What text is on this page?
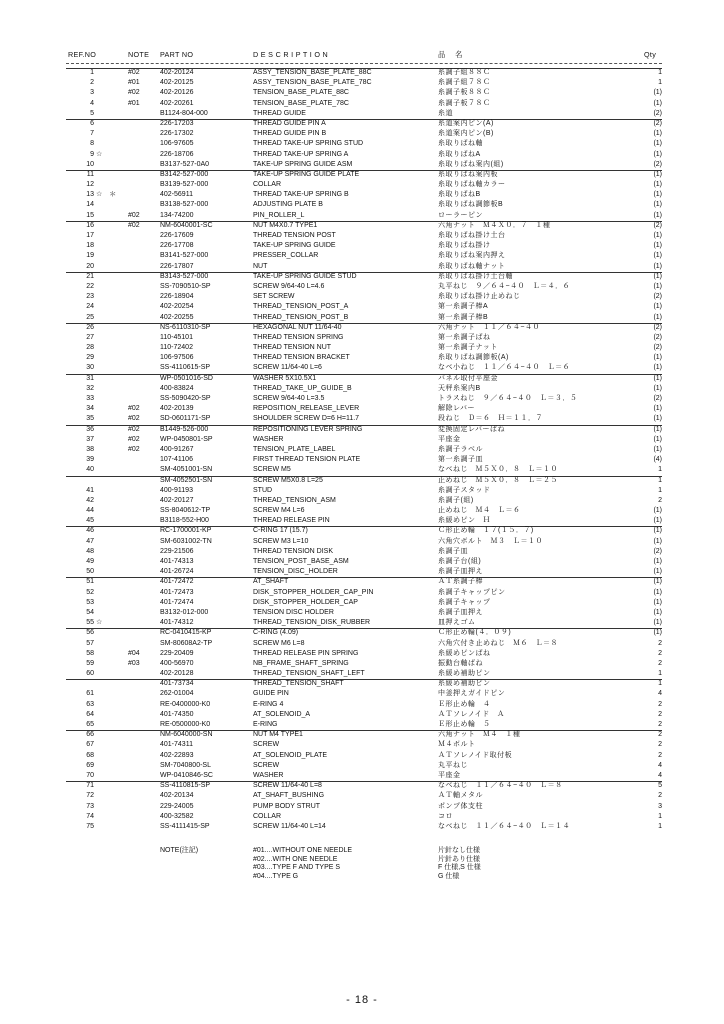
REF.NO	NOTE PART NO	D E S C R I P T I O N	品 名	Qty
1	#02	402-20124	ASSY_TENSION_BASE_PLATE_88C	糸調子組８８Ｃ	1
2	#01	402-20125	ASSY_TENSION_BASE_PLATE_78C	糸調子組７８Ｃ	1
3	#02	402-20126	TENSION_BASE_PLATE_88C	糸調子板８８Ｃ	(1)
4	#01	402-20261	TENSION_BASE_PLATE_78C	糸調子板７８Ｃ	(1)
5	B1124-804-000	THREAD GUIDE	糸道	(2)
6	226-17203	THREAD GUIDE PIN A	糸道案内ピン(A)	(2)
7	226-17302	THREAD GUIDE PIN B	糸道案内ピン(B)	(1)
8	106-97605	THREAD TAKE-UP SPRING STUD	糸取りばね軸	(1)
9 ☆	226-18706	THREAD TAKE-UP SPRING A	糸取りばねA	(1)
10	B3137-527-0A0	TAKE-UP SPRING GUIDE ASM	糸取りばね案内(組)	(2)
11	B3142-527-000	TAKE-UP SPRING GUIDE PLATE	糸取りばね案内板	(1)
12	B3139-527-000	COLLAR	糸取りばね軸カラー	(1)
13 ☆　＊	402-56911	THREAD TAKE-UP SPRING B	糸取りばねB	(1)
14	B3138-527-000	ADJUSTING PLATE B	糸取りばね調節板B	(1)
15	#02	134-74200	PIN_ROLLER_L	ローラーピン	(1)
16	#02	NM-6040001-SC	NUT M4X0.7 TYPE1	六角ナット　Ｍ４Ｘ０．７　１種	(2)
17	226-17609	THREAD TENSION POST	糸取りばね掛け土台	(1)
18	226-17708	TAKE-UP SPRING GUIDE	糸取りばね掛け	(1)
19	B3141-527-000	PRESSER_COLLAR	糸取りばね案内押え	(1)
20	226-17807	NUT	糸取りばね軸ナット	(1)
21	B3143-527-000	TAKE-UP SPRING GUIDE STUD	糸取りばね掛け土台軸	(1)
22	SS-7090510-SP	SCREW 9/64-40 L=4.6	丸平ねじ　９／６４−４０　Ｌ＝４．６	(1)
23	226-18904	SET SCREW	糸取りばね掛け止めねじ	(2)
24	402-20254	THREAD_TENSION_POST_A	第一糸調子棒A	(1)
25	402-20255	THREAD_TENSION_POST_B	第一糸調子棒B	(1)
26	NS-6110310-SP	HEXAGONAL NUT 11/64-40	六角ナット　１１／６４−４０	(2)
27	110-45101	THREAD TENSION SPRING	第一糸調子ばね	(2)
28	110-72402	THREAD TENSION NUT	第一糸調子ナット	(2)
29	106-97506	THREAD TENSION BRACKET	糸取りばね調節板(A)	(1)
30	SS-4110615-SP	SCREW 11/64-40 L=6	なべ小ねじ　１１／６４−４０　Ｌ＝６	(1)
31	WP-0501016-SD	WASHER 5X10.5X1	バネル取付平座金	(1)
32	400-83824	THREAD_TAKE_UP_GUIDE_B	天秤糸案内B	(1)
33	SS-5090420-SP	SCREW 9/64-40 L=3.5	トラスねじ　９／６４−４０　Ｌ＝３．５	(2)
34	#02	402-20139	REPOSITION_RELEASE_LEVER	解除レバー	(1)
35	#02	SD-0601171-SP	SHOULDER SCREW D=6 H=11.7	段ねじ　Ｄ＝６　Ｈ＝１１．７	(1)
36	#02	B1449-526-000	REPOSITIONING LEVER SPRING	変換固定レバーばね	(1)
37	#02	WP-0450801-SP	WASHER	平座金	(1)
38	#02	400-91267	TENSION_PLATE_LABEL	糸調子ラベル	(1)
39	107-41106	FIRST THREAD TENSION PLATE	第一糸調子皿	(4)
40	SM-4051001-SN	SCREW M5	なべねじ　Ｍ５Ｘ０．８　Ｌ＝１０	1
SM-4052501-SN	SCREW M5X0.8 L=25	止めねじ　Ｍ５Ｘ０．８　Ｌ＝２５	1
41	400-91193	STUD	糸調子スタッド	1
42	402-20127	THREAD_TENSION_ASM	糸調子(組)	2
44	SS-8040612-TP	SCREW M4 L=6	止めねじ　Ｍ４　Ｌ＝６	(1)
45	B3118-552-H00	THREAD RELEASE PIN	糸緩めピン　Ｈ	(1)
46	RC-1700001-KP	C-RING 17 (15.7)	Ｃ形止め輪　１７(１５．７)	(1)
47	SM-6031002-TN	SCREW M3 L=10	六角穴ボルト　Ｍ３　Ｌ＝１０	(1)
48	229-21506	THREAD TENSION DISK	糸調子皿	(2)
49	401-74313	TENSION_POST_BASE_ASM	糸調子台(組)	(1)
50	401-26724	TENSION_DISC_HOLDER	糸調子皿押え	(1)
51	401-72472	AT_SHAFT	ＡＴ糸調子棒	(1)
52	401-72473	DISK_STOPPER_HOLDER_CAP_PIN	糸調子キャップピン	(1)
53	401-72474	DISK_STOPPER_HOLDER_CAP	糸調子キャップ	(1)
54	B3132-012-000	TENSION DISC HOLDER	糸調子皿押え	(1)
55 ☆	401-74312	THREAD_TENSION_DISK_RUBBER	皿押えゴム	(1)
56	RC-0410415-KP	C-RING (4.09)	Ｃ形止め輪(４．０９)	(1)
57	SM-80608A2-TP	SCREW M6 L=8	六角穴付き止めねじ　Ｍ６　Ｌ＝８	2
58	#04	229-20409	THREAD RELEASE PIN SPRING	糸緩めピンばね	2
59	#03	400-56970	NB_FRAME_SHAFT_SPRING	振動台軸ばね	2
60	402-20128	THREAD_TENSION_SHAFT_LEFT	糸緩め補助ピン	1
401-73734	THREAD_TENSION_SHAFT	糸緩め補助ピン	1
61	262-01004	GUIDE PIN	中釜押えガイドピン	4
63	RE-0400000-K0	E-RING 4	Ｅ形止め輪　４	2
64	401-74350	AT_SOLENOID_A	ＡＴソレノイド　Ａ	2
65	RE-0500000-K0	E-RING	Ｅ形止め輪　５	2
66	NM-6040000-SN	NUT M4 TYPE1	六角ナット　Ｍ４　１種	2
67	401-74311	SCREW	Ｍ４ボルト	2
68	402-22893	AT_SOLENOID_PLATE	ＡＴソレノイド取付板	2
69	SM-7040800-SL	SCREW	丸平ねじ	4
70	WP-0410846-SC	WASHER	平座金	4
71	SS-4110815-SP	SCREW 11/64-40 L=8	なべねじ　１１／６４−４０　Ｌ＝８	5
72	402-20134	AT_SHAFT_BUSHING	ＡＴ軸メタル	2
73	229-24005	PUMP BODY STRUT	ポンプ体支柱	3
74	400-32582	COLLAR	コロ	1
75	SS-4111415-SP	SCREW 11/64-40 L=14	なべねじ　１１／６４−４０　Ｌ＝１４	1
NOTE(注記)	#01....WITHOUT ONE NEEDLE	片針なし仕様
#02....WITH ONE NEEDLE	片針あり仕様
#03....TYPE F AND TYPE S	F 仕様,S 仕様
#04....TYPE G	G 仕様
- 18 -
